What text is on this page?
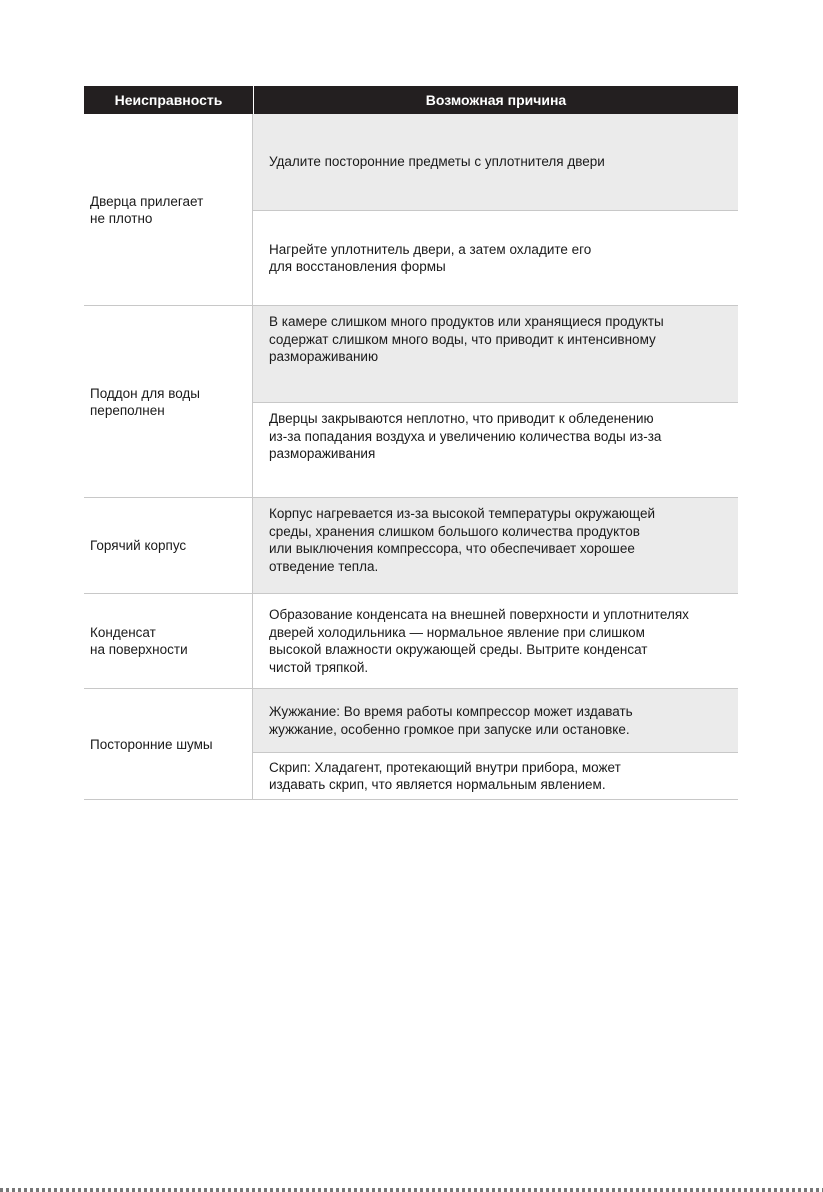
Неисправность	Возможная причина
Дверца прилегает
не плотно
Удалите посторонние предметы с уплотнителя двери
Нагрейте уплотнитель двери, а затем охладите его
для восстановления формы
Поддон для воды
переполнен
В камере слишком много продуктов или хранящиеся продукты
содержат слишком много воды, что приводит к интенсивному
размораживанию
Дверцы закрываются неплотно, что приводит к обледенению
из-за попадания воздуха и увеличению количества воды из-за
размораживания
Горячий корпус
Корпус нагревается из-за высокой температуры окружающей
среды, хранения слишком большого количества продуктов
или выключения компрессора, что обеспечивает хорошее
отведение тепла.
Конденсат
на поверхности
Образование конденсата на внешней поверхности и уплотнителях
дверей холодильника — нормальное явление при слишком
высокой влажности окружающей среды. Вытрите конденсат
чистой тряпкой.
Посторонние шумы
Жужжание: Во время работы компрессор может издавать
жужжание, особенно громкое при запуске или остановке.
Скрип: Хладагент, протекающий внутри прибора, может
издавать скрип, что является нормальным явлением.
